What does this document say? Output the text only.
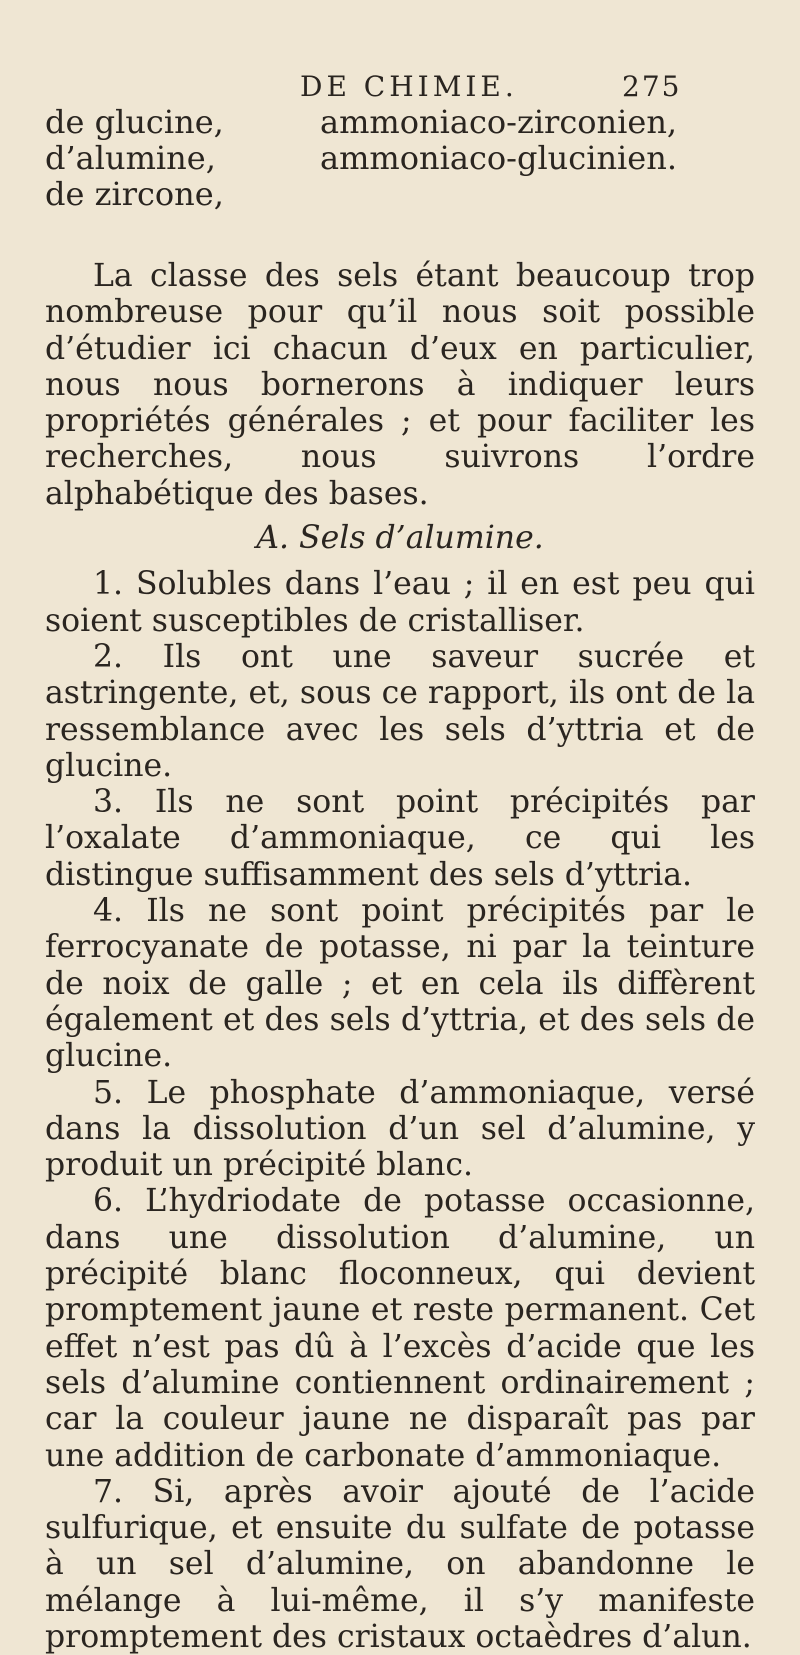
DE CHIMIE.	275
de glucine,
d’alumine,
de zircone,
ammoniaco-zirconien,
ammoniaco-glucinien.

La classe des sels étant beaucoup trop nombreuse pour qu’il nous soit possible d’étudier ici chacun d’eux en particulier, nous nous bornerons à indiquer leurs propriétés générales ; et pour faciliter les recherches, nous suivrons l’ordre alphabétique des bases.

A. Sels d’alumine.

1. Solubles dans l’eau ; il en est peu qui soient susceptibles de cristalliser.

2. Ils ont une saveur sucrée et astringente, et, sous ce rapport, ils ont de la ressemblance avec les sels d’yttria et de glucine.

3. Ils ne sont point précipités par l’oxalate d’ammoniaque, ce qui les distingue suffisamment des sels d’yttria.

4. Ils ne sont point précipités par le ferrocyanate de potasse, ni par la teinture de noix de galle ; et en cela ils diffèrent également et des sels d’yttria, et des sels de glucine.

5. Le phosphate d’ammoniaque, versé dans la dissolution d’un sel d’alumine, y produit un précipité blanc.

6. L’hydriodate de potasse occasionne, dans une dissolution d’alumine, un précipité blanc floconneux, qui devient promptement jaune et reste permanent. Cet effet n’est pas dû à l’excès d’acide que les sels d’alumine contiennent ordinairement ; car la couleur jaune ne disparaît pas par une addition de carbonate d’ammoniaque.

7. Si, après avoir ajouté de l’acide sulfurique, et ensuite du sulfate de potasse à un sel d’alumine, on abandonne le mélange à lui-même, il s’y manifeste promptement des cristaux octaèdres d’alun.
